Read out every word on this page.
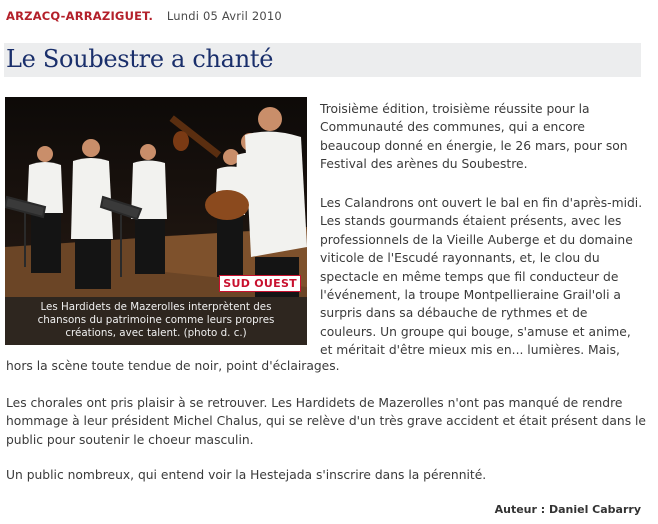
ARZACQ-ARRAZIGUET. Lundi 05 Avril 2010
Le Soubestre a chanté
SUD OUEST
Les Hardidets de Mazerolles interprètent des
chansons du patrimoine comme leurs propres
créations, avec talent. (photo d. c.)

Troisième édition, troisième réussite pour la Communauté des communes, qui a encore beaucoup donné en énergie, le 26 mars, pour son Festival des arènes du Soubestre.

Les Calandrons ont ouvert le bal en fin d'après-midi. Les stands gourmands étaient présents, avec les professionnels de la Vieille Auberge et du domaine viticole de l'Escudé rayonnants, et, le clou du spectacle en même temps que fil conducteur de l'événement, la troupe Montpellieraine Grail'oli a surpris dans sa débauche de rythmes et de couleurs. Un groupe qui bouge, s'amuse et anime, et méritait d'être mieux mis en... lumières. Mais,

hors la scène toute tendue de noir, point d'éclairages.

Les chorales ont pris plaisir à se retrouver. Les Hardidets de Mazerolles n'ont pas manqué de rendre hommage à leur président Michel Chalus, qui se relève d'un très grave accident et était présent dans le public pour soutenir le choeur masculin.

Un public nombreux, qui entend voir la Hestejada s'inscrire dans la pérennité.

Auteur : Daniel Cabarry
